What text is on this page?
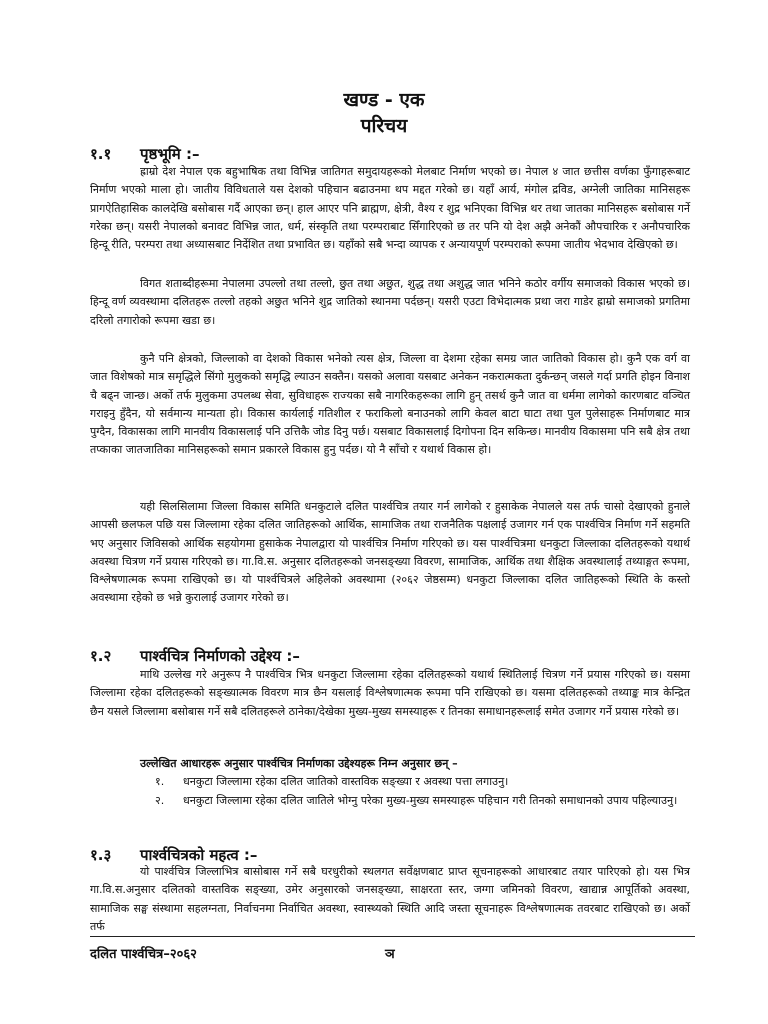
खण्ड - एक
परिचय
१.१ पृष्ठभूमि :–

ह्राम्रो देश नेपाल एक बहुभाषिक तथा विभिन्न जातिगत समुदायहरूको मेलबाट निर्माण भएको छ। नेपाल ४ जात छत्तीस वर्णका फुँगाहरूबाट निर्माण भएको माला हो। जातीय विविधताले यस देशको पहिचान बढाउनमा थप मद्दत गरेको छ। यहाँ आर्य, मंगोल द्रविड, अग्नेली जातिका मानिसहरू प्रागऐतिहासिक कालदेखि बसोबास गर्दै आएका छन्। हाल आएर पनि ब्राह्मण, क्षेत्री, वैश्य र शुद्र भनिएका विभिन्न थर तथा जातका मानिसहरू बसोबास गर्ने गरेका छन्। यसरी नेपालको बनावट विभिन्न जात, धर्म, संस्कृति तथा परम्पराबाट सिँगारिएको छ तर पनि यो देश अझै अनेकौं औपचारिक र अनौपचारिक हिन्दू रीति, परम्परा तथा अध्यासबाट निर्देशित तथा प्रभावित छ। यहाँको सबै भन्दा व्यापक र अन्यायपूर्ण परम्पराको रूपमा जातीय भेदभाव देखिएको छ।

विगत शताब्दीहरूमा नेपालमा उपल्लो तथा तल्लो, छुत तथा अछुत, शुद्ध तथा अशुद्ध जात भनिने कठोर वर्गीय समाजको विकास भएको छ। हिन्दू वर्ण व्यवस्थामा दलितहरू तल्लो तहको अछुत भनिने शुद्र जातिको स्थानमा पर्दछन्। यसरी एउटा विभेदात्मक प्रथा जरा गाडेर ह्राम्रो समाजको प्रगतिमा दरिलो तगारोको रूपमा खडा छ।

कुनै पनि क्षेत्रको, जिल्लाको वा देशको विकास भनेको त्यस क्षेत्र, जिल्ला वा देशमा रहेका समग्र जात जातिको विकास हो। कुनै एक वर्ग वा जात विशेषको मात्र समृद्धिले सिंगो मुलुकको समृद्धि ल्याउन सक्तैन। यसको अलावा यसबाट अनेकन नकरात्मकता दुर्कन्छन् जसले गर्दा प्रगति होइन विनाश चै बढ्न जान्छ। अर्को तर्फ मुलुकमा उपलब्ध सेवा, सुविधाहरू राज्यका सबै नागरिकहरूका लागि हुन् तसर्थ कुनै जात वा धर्ममा लागेको कारणबाट वञ्चित गराइनु हुँदैन, यो सर्वमान्य मान्यता हो। विकास कार्यलाई गतिशील र फराकिलो बनाउनको लागि केवल बाटा घाटा तथा पुल पुलेसाहरू निर्माणबाट मात्र पुग्दैन, विकासका लागि मानवीय विकासलाई पनि उत्तिकै जोड दिनु पर्छ। यसबाट विकासलाई दिगोपना दिन सकिन्छ। मानवीय विकासमा पनि सबै क्षेत्र तथा तप्काका जातजातिका मानिसहरूको समान प्रकारले विकास हुनु पर्दछ। यो नै साँचो र यथार्थ विकास हो।

यही सिलसिलामा जिल्ला विकास समिति धनकुटाले दलित पार्श्वचित्र तयार गर्न लागेको र हुसाकेक नेपालले यस तर्फ चासो देखाएको हुनाले आपसी छलफल पछि यस जिल्लामा रहेका दलित जातिहरूको आर्थिक, सामाजिक तथा राजनैतिक पक्षलाई उजागर गर्न एक पार्श्वचित्र निर्माण गर्ने सहमति भए अनुसार जिविसको आर्थिक सहयोगमा हुसाकेक नेपालद्वारा यो पार्श्वचित्र निर्माण गरिएको छ। यस पार्श्वचित्रमा धनकुटा जिल्लाका दलितहरूको यथार्थ अवस्था चित्रण गर्ने प्रयास गरिएको छ। गा.वि.स. अनुसार दलितहरूको जनसङ्ख्या विवरण, सामाजिक, आर्थिक तथा शैक्षिक अवस्थालाई तथ्याङ्गत रूपमा, विश्लेषणात्मक रूपमा राखिएको छ। यो पार्श्वचित्रले अहिलेको अवस्थामा (२०६२ जेष्ठसम्म) धनकुटा जिल्लाका दलित जातिहरूको स्थिति के कस्तो अवस्थामा रहेको छ भन्ने कुरालाई उजागर गरेको छ।

१.२ पार्श्वचित्र निर्माणको उद्देश्य :–

माथि उल्लेख गरे अनुरूप नै पार्श्वचित्र भित्र धनकुटा जिल्लामा रहेका दलितहरूको यथार्थ स्थितिलाई चित्रण गर्ने प्रयास गरिएको छ। यसमा जिल्लामा रहेका दलितहरूको सङ्ख्यात्मक विवरण मात्र छैन यसलाई विश्लेषणात्मक रूपमा पनि राखिएको छ। यसमा दलितहरूको तथ्याङ्क मात्र केन्द्रित छैन यसले जिल्लामा बसोबास गर्ने सबै दलितहरूले ठानेका/देखेका मुख्य-मुख्य समस्याहरू र तिनका समाधानहरूलाई समेत उजागर गर्ने प्रयास गरेको छ।

उल्लेखित आधारहरू अनुसार पार्श्वचित्र निर्माणका उद्देश्यहरू निम्न अनुसार छन् –

१. धनकुटा जिल्लामा रहेका दलित जातिको वास्तविक सङ्ख्या र अवस्था पत्ता लगाउनु।
२. धनकुटा जिल्लामा रहेका दलित जातिले भोग्नु परेका मुख्य-मुख्य समस्याहरू पहिचान गरी तिनको समाधानको उपाय पहिल्याउनु।
१.३ पार्श्वचित्रको महत्व :–

यो पार्श्वचित्र जिल्लाभित्र बासोबास गर्ने सबै घरधुरीको स्थलगत सर्वेक्षणबाट प्राप्त सूचनाहरूको आधारबाट तयार पारिएको हो। यस भित्र गा.वि.स.अनुसार दलितको वास्तविक सङ्ख्या, उमेर अनुसारको जनसङ्ख्या, साक्षरता स्तर, जग्गा जमिनको विवरण, खाद्यान्न आपूर्तिको अवस्था, सामाजिक सङ्घ संस्थामा सहलग्नता, निर्वाचनमा निर्वाचित अवस्था, स्वास्थ्यको स्थिति आदि जस्ता सूचनाहरू विश्लेषणात्मक तवरबाट राखिएको छ। अर्को तर्फ

दलित पार्श्वचित्र–२०६२	ञ
